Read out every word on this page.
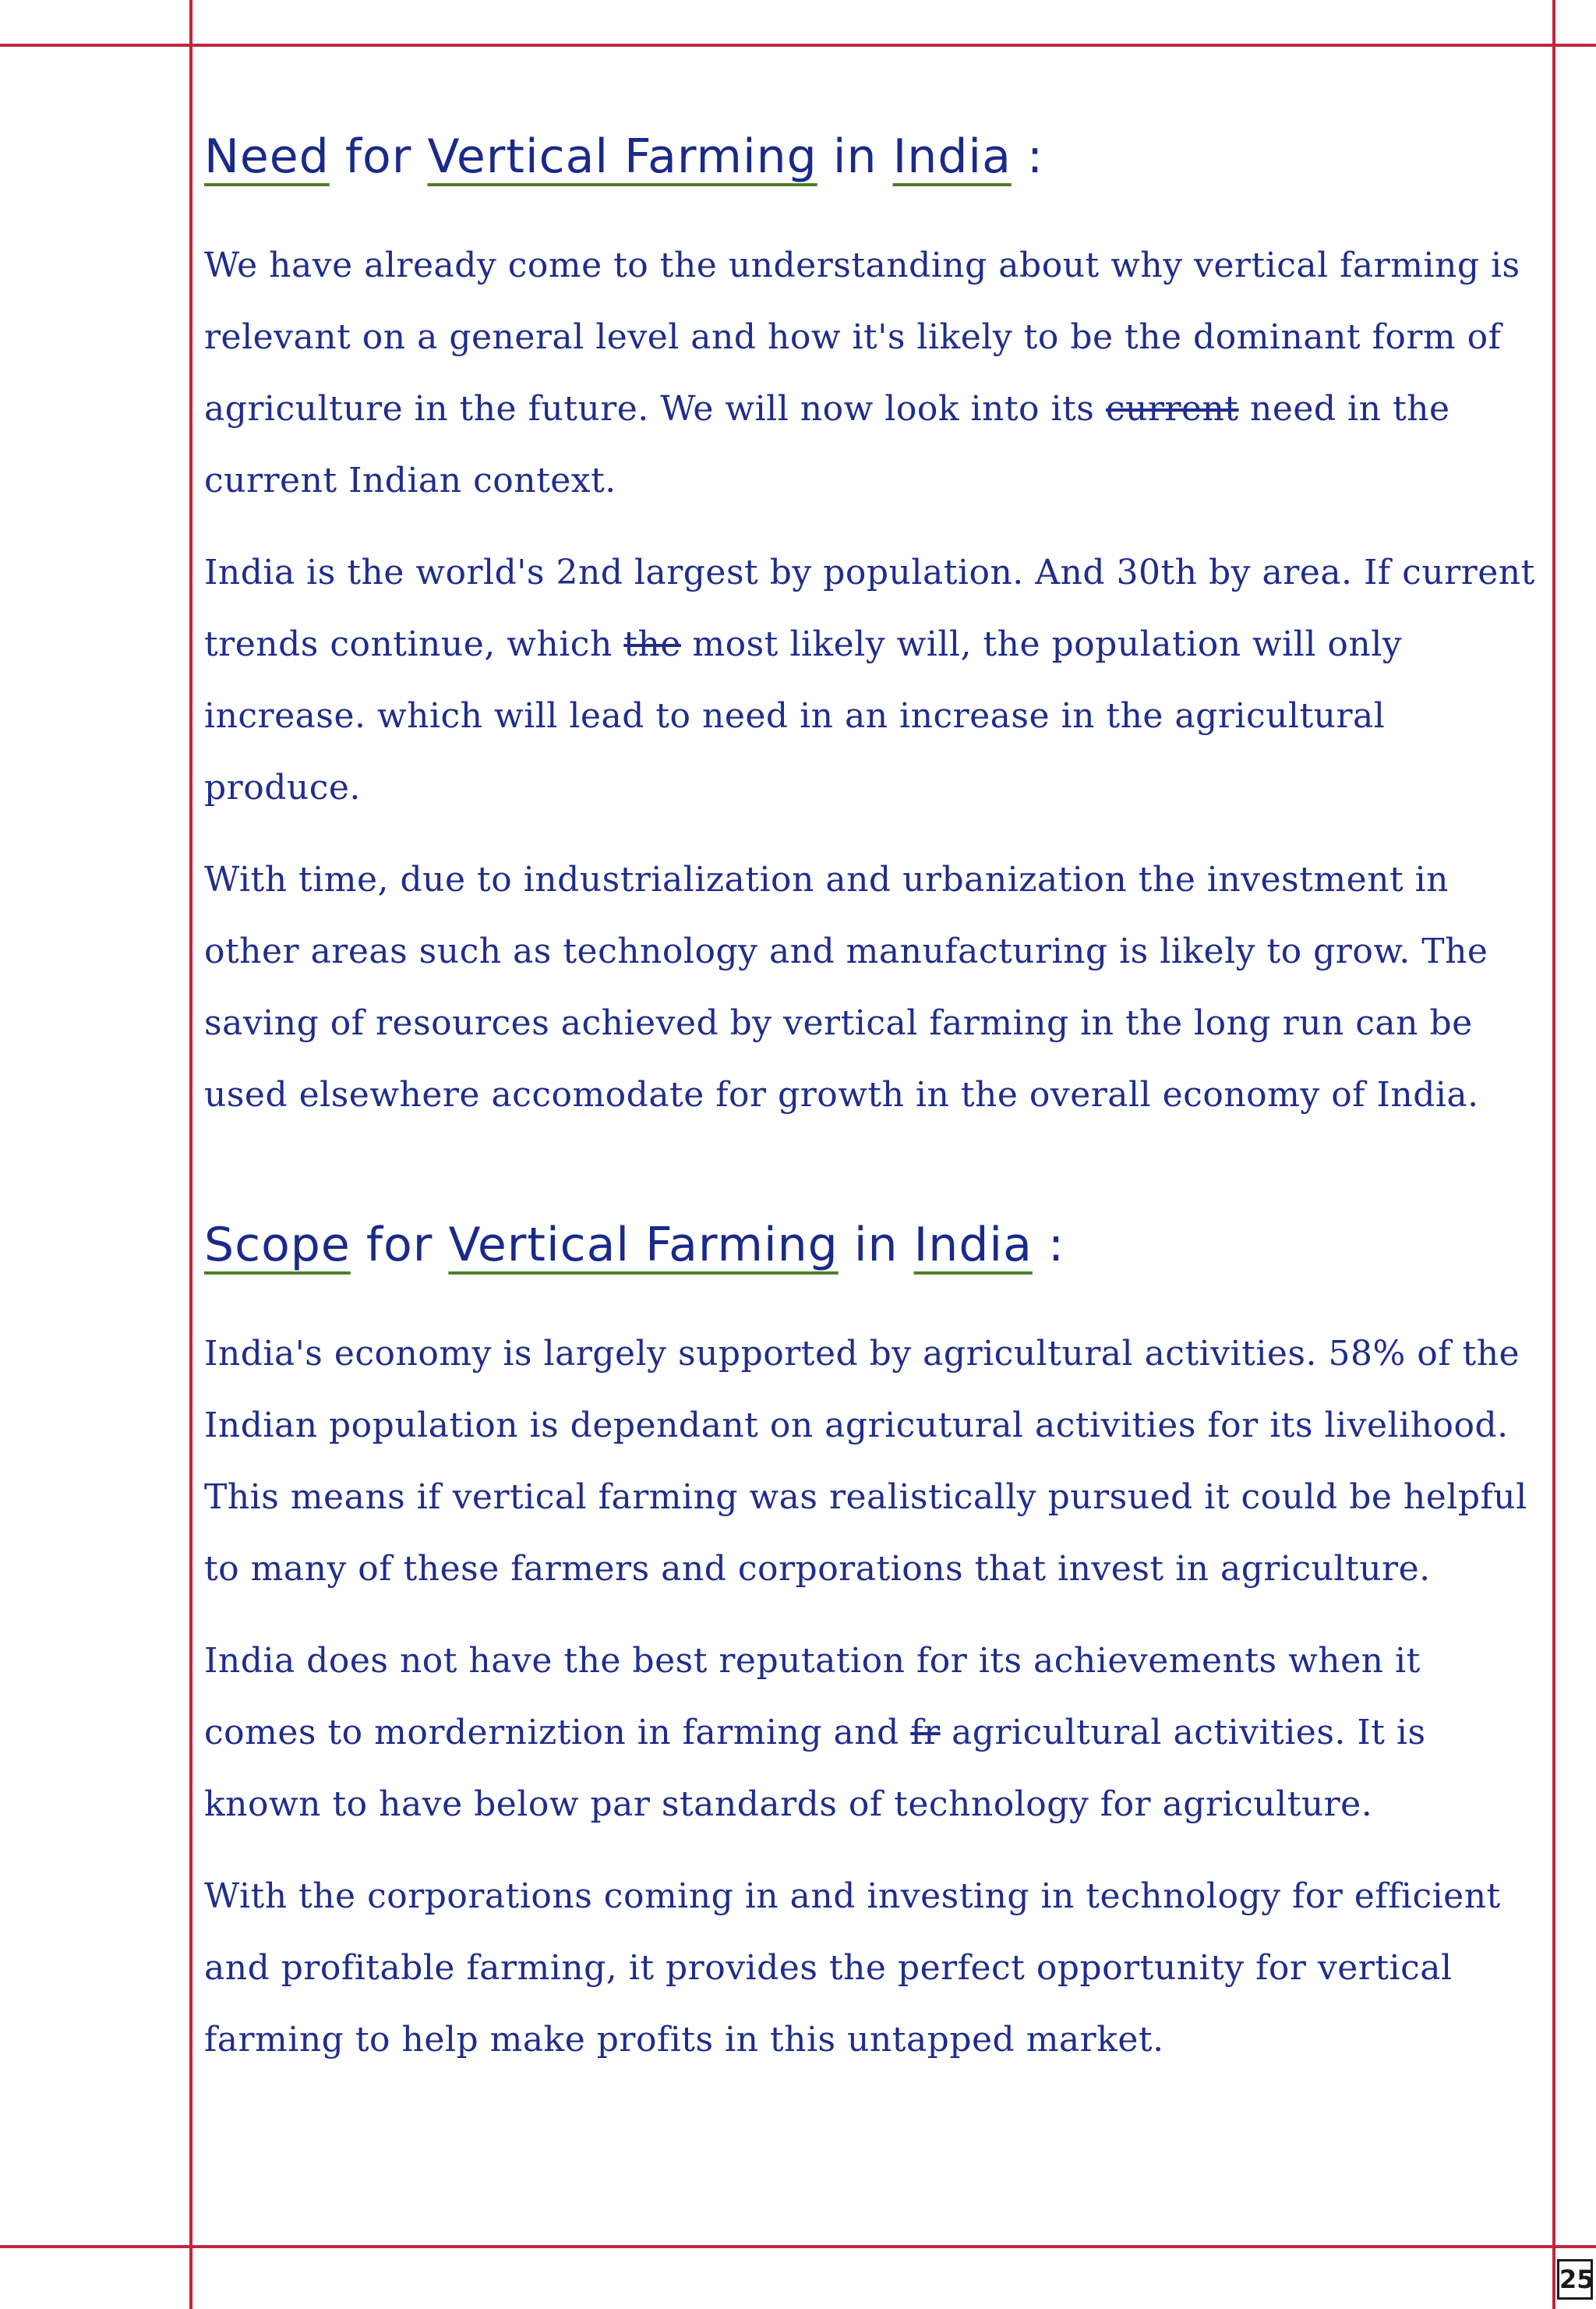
Need for Vertical Farming in India :

We have already come to the understanding about why vertical farming is relevant on a general level and how it's likely to be the dominant form of agriculture in the future. We will now look into its current need in the current Indian context.

India is the world's 2nd largest by population. And 30th by area. If current trends continue, which the most likely will, the population will only increase. which will lead to need in an increase in the agricultural produce.

With time, due to industrialization and urbanization the investment in other areas such as technology and manufacturing is likely to grow. The saving of resources achieved by vertical farming in the long run can be used elsewhere accomodate for growth in the overall economy of India.

Scope for Vertical Farming in India :

India's economy is largely supported by agricultural activities. 58% of the Indian population is dependant on agricutural activities for its livelihood. This means if vertical farming was realistically pursued it could be helpful to many of these farmers and corporations that invest in agriculture.

India does not have the best reputation for its achievements when it comes to morderniztion in farming and fr agricultural activities. It is known to have below par standards of technology for agriculture.

With the corporations coming in and investing in technology for efficient and profitable farming, it provides the perfect opportunity for vertical farming to help make profits in this untapped market.

25
